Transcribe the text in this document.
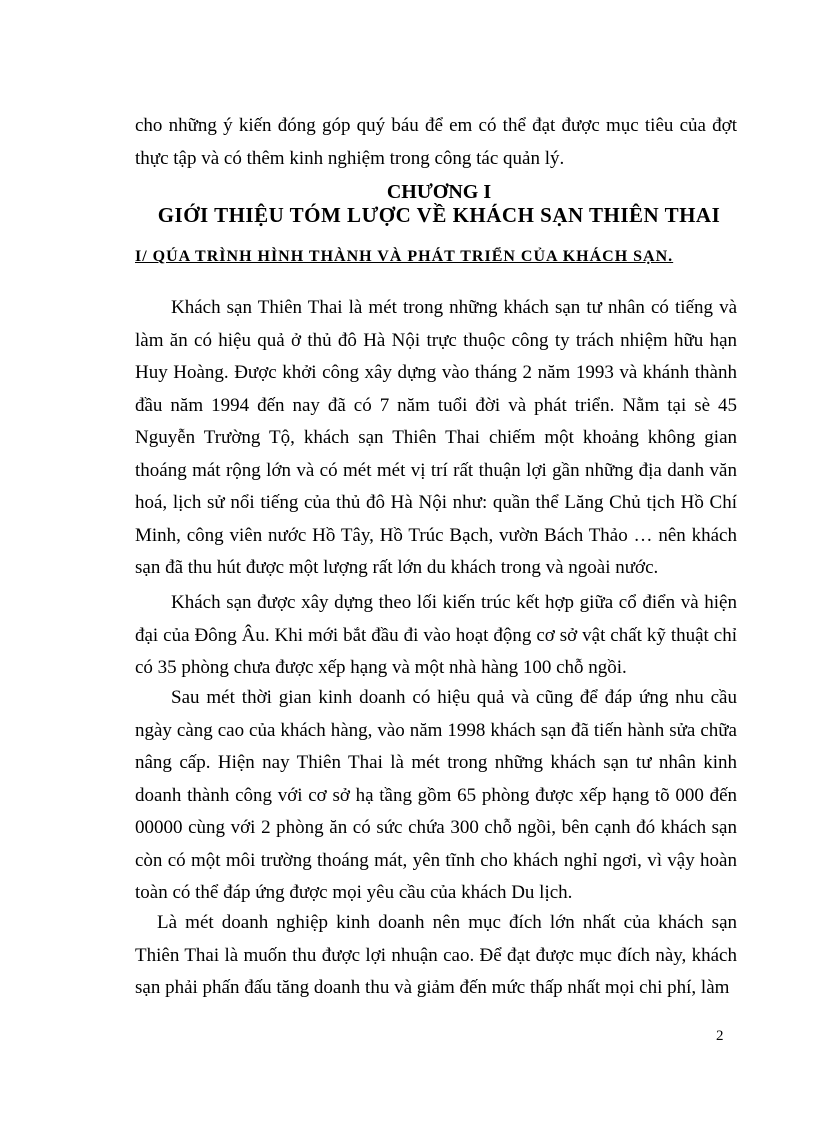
cho những ý kiến đóng góp quý báu để em có thể đạt được mục tiêu của đợt thực tập và có thêm kinh nghiệm trong công tác quản lý.

CHƯƠNG I
GIỚI THIỆU TÓM LƯỢC VỀ KHÁCH SẠN THIÊN THAI
I/ QÚA TRÌNH HÌNH THÀNH VÀ PHÁT TRIỂN CỦA KHÁCH SẠN.

Khách sạn Thiên Thai là mét trong những khách sạn tư nhân có tiếng và làm ăn có hiệu quả ở thủ đô Hà Nội trực thuộc công ty trách nhiệm hữu hạn Huy Hoàng. Được khởi công xây dựng vào tháng 2 năm 1993 và khánh thành đầu năm 1994 đến nay đã có 7 năm tuổi đời và phát triển. Nằm tại sè 45 Nguyễn Trường Tộ, khách sạn Thiên Thai chiếm một khoảng không gian thoáng mát rộng lớn và có mét mét vị trí rất thuận lợi gần những địa danh văn hoá, lịch sử nổi tiếng của thủ đô Hà Nội như: quần thể Lăng Chủ tịch Hồ Chí Minh, công viên nước Hồ Tây, Hồ Trúc Bạch, vườn Bách Thảo … nên khách sạn đã thu hút được một lượng rất lớn du khách trong và ngoài nước.

Khách sạn được xây dựng theo lối kiến trúc kết hợp giữa cổ điển và hiện đại của Đông Âu. Khi mới bắt đầu đi vào hoạt động cơ sở vật chất kỹ thuật chỉ có 35 phòng chưa được xếp hạng và một nhà hàng 100 chỗ ngồi.

Sau mét thời gian kinh doanh có hiệu quả và cũng để đáp ứng nhu cầu ngày càng cao của khách hàng, vào năm 1998 khách sạn đã tiến hành sửa chữa nâng cấp. Hiện nay Thiên Thai là mét trong những khách sạn tư nhân kinh doanh thành công với cơ sở hạ tầng gồm 65 phòng được xếp hạng tõ 000 đến 00000 cùng với 2 phòng ăn có sức chứa 300 chỗ ngồi, bên cạnh đó khách sạn còn có một môi trường thoáng mát, yên tĩnh cho khách nghỉ ngơi, vì vậy hoàn toàn có thể đáp ứng được mọi yêu cầu của khách Du lịch.

Là mét doanh nghiệp kinh doanh nên mục đích lớn nhất của khách sạn Thiên Thai là muốn thu được lợi nhuận cao. Để đạt được mục đích này, khách sạn phải phấn đấu tăng doanh thu và giảm đến mức thấp nhất mọi chi phí, làm

2
